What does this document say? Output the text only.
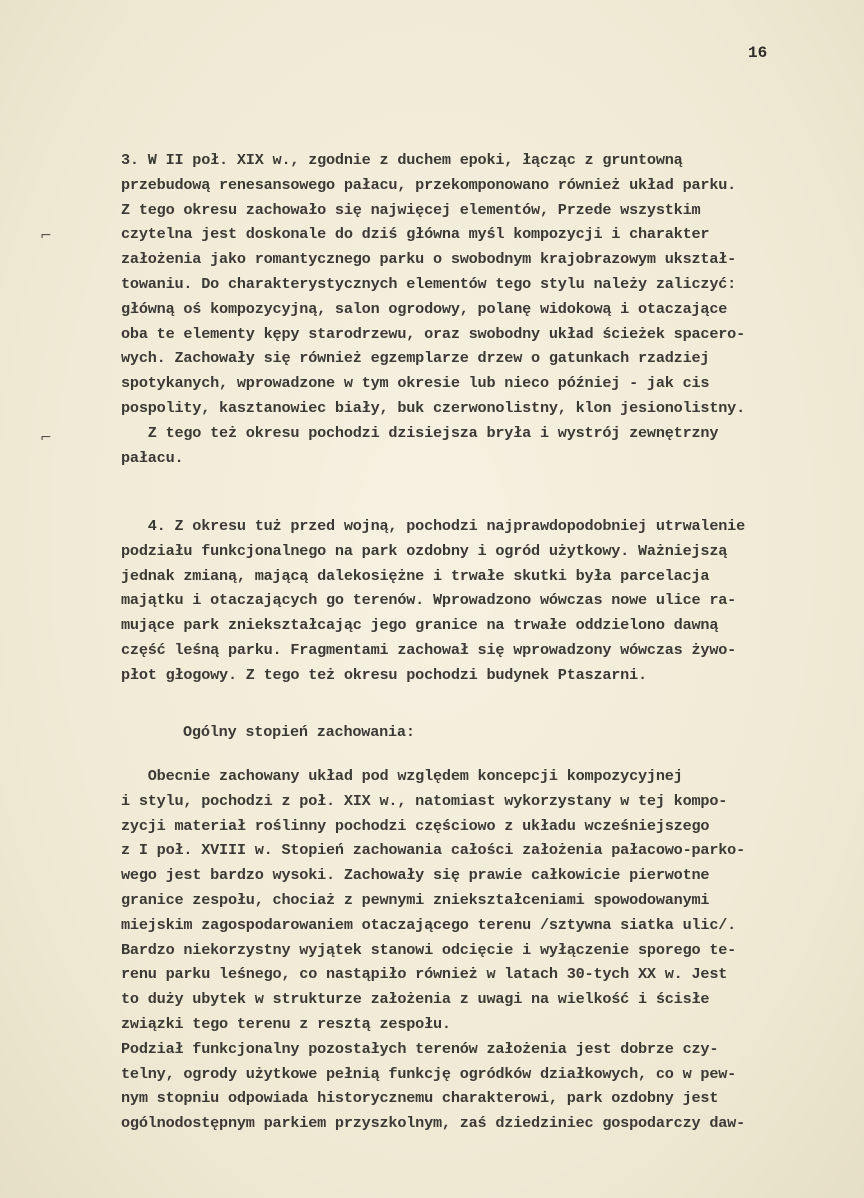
16
⌐
⌐
3. W II poł. XIX w., zgodnie z duchem epoki, łącząc z gruntowną
przebudową renesansowego pałacu, przekomponowano również układ parku.
Z tego okresu zachowało się najwięcej elementów, Przede wszystkim
czytelna jest doskonale do dziś główna myśl kompozycji i charakter
założenia jako romantycznego parku o swobodnym krajobrazowym ukształ-
towaniu. Do charakterystycznych elementów tego stylu należy zaliczyć:
główną oś kompozycyjną, salon ogrodowy, polanę widokową i otaczające
oba te elementy kępy starodrzewu, oraz swobodny układ ścieżek spacero-
wych. Zachowały się również egzemplarze drzew o gatunkach rzadziej
spotykanych, wprowadzone w tym okresie lub nieco później - jak cis
pospolity, kasztanowiec biały, buk czerwonolistny, klon jesionolistny.
Z tego też okresu pochodzi dzisiejsza bryła i wystrój zewnętrzny
pałacu.
4. Z okresu tuż przed wojną, pochodzi najprawdopodobniej utrwalenie
podziału funkcjonalnego na park ozdobny i ogród użytkowy. Ważniejszą
jednak zmianą, mającą dalekosiężne i trwałe skutki była parcelacja
majątku i otaczających go terenów. Wprowadzono wówczas nowe ulice ra-
mujące park zniekształcając jego granice na trwałe oddzielono dawną
część leśną parku. Fragmentami zachował się wprowadzony wówczas żywo-
płot głogowy. Z tego też okresu pochodzi budynek Ptaszarni.
Ogólny stopień zachowania:
Obecnie zachowany układ pod względem koncepcji kompozycyjnej
i stylu, pochodzi z poł. XIX w., natomiast wykorzystany w tej kompo-
zycji materiał roślinny pochodzi częściowo z układu wcześniejszego
z I poł. XVIII w. Stopień zachowania całości założenia pałacowo-parko-
wego jest bardzo wysoki. Zachowały się prawie całkowicie pierwotne
granice zespołu, chociaż z pewnymi zniekształceniami spowodowanymi
miejskim zagospodarowaniem otaczającego terenu /sztywna siatka ulic/.
Bardzo niekorzystny wyjątek stanowi odcięcie i wyłączenie sporego te-
renu parku leśnego, co nastąpiło również w latach 30-tych XX w. Jest
to duży ubytek w strukturze założenia z uwagi na wielkość i ścisłe
związki tego terenu z resztą zespołu.
Podział funkcjonalny pozostałych terenów założenia jest dobrze czy-
telny, ogrody użytkowe pełnią funkcję ogródków działkowych, co w pew-
nym stopniu odpowiada historycznemu charakterowi, park ozdobny jest
ogólnodostępnym parkiem przyszkolnym, zaś dziedziniec gospodarczy daw-
